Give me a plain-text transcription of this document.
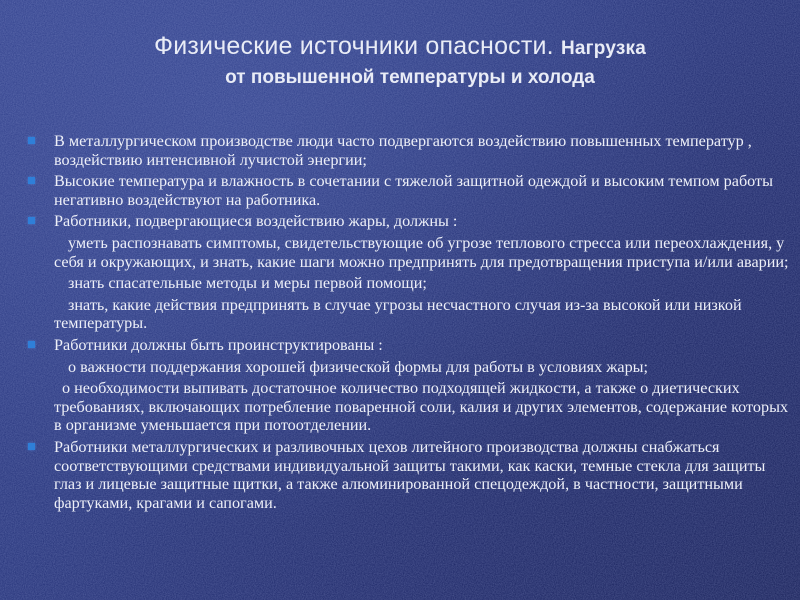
Физические источники опасности. Нагрузка
от повышенной температуры и холода
В металлургическом производстве люди часто подвергаются воздействию повышенных температур , воздействию интенсивной лучистой энергии;
Высокие температура и влажность в сочетании с тяжелой защитной одеждой и высоким темпом работы негативно воздействуют на работника.
Работники, подвергающиеся воздействию жары, должны :
уметь распознавать симптомы, свидетельствующие об угрозе теплового стресса или переохлаждения, у себя и окружающих, и знать, какие шаги можно предпринять для предотвращения приступа и/или аварии;
знать спасательные методы и меры первой помощи;
знать, какие действия предпринять в случае угрозы несчастного случая из-за высокой или низкой температуры.
Работники должны быть проинструктированы :
о важности поддержания хорошей физической формы для работы в условиях жары;
о необходимости выпивать достаточное количество подходящей жидкости, а также о диетических требованиях, включающих потребление поваренной соли, калия и других элементов, содержание которых в организме уменьшается при потоотделении.
Работники металлургических и разливочных цехов литейного производства должны снабжаться соответствующими средствами индивидуальной защиты такими, как каски, темные стекла для защиты глаз и лицевые защитные щитки, а также алюминированной спецодеждой, в частности, защитными фартуками, крагами и сапогами.
